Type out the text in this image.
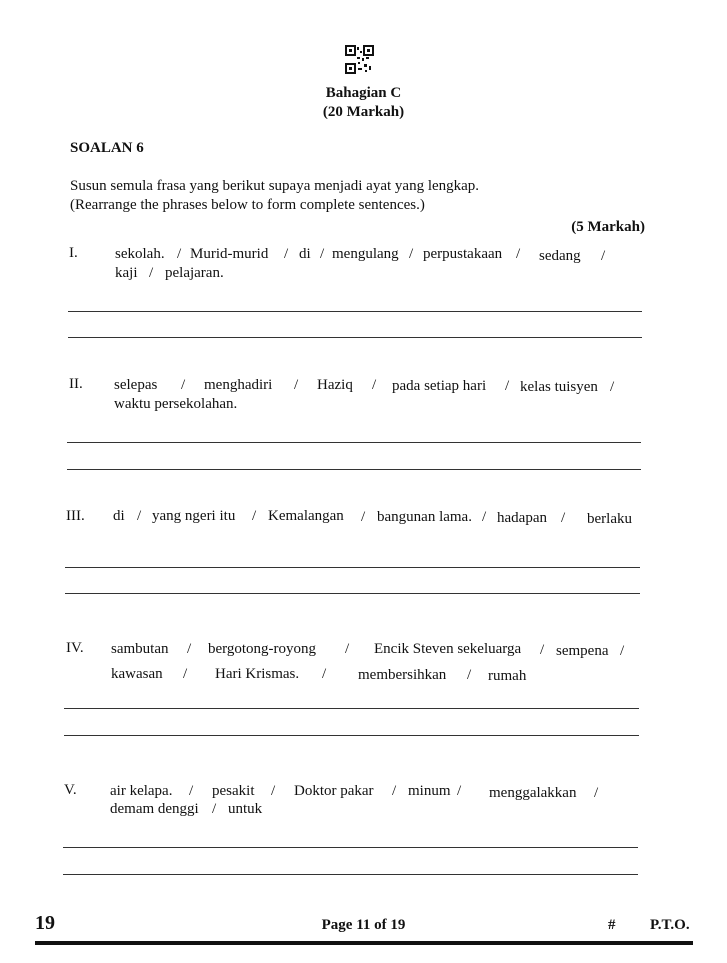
Bahagian C
(20 Markah)
SOALAN 6
Susun semula frasa yang berikut supaya menjadi ayat yang lengkap.
(Rearrange the phrases below to form complete sentences.)
(5 Markah)
I. sekolah. / Murid-murid / di / mengulang / perpustakaan / sedang /
kaji / pelajaran.
II. selepas / menghadiri / Haziq / pada setiap hari / kelas tuisyen /
waktu persekolahan.
III. di / yang ngeri itu / Kemalangan / bangunan lama. / hadapan / berlaku
IV. sambutan / bergotong-royong / Encik Steven sekeluarga / sempena /
kawasan / Hari Krismas. / membersihkan / rumah
V. air kelapa. / pesakit / Doktor pakar / minum / menggalakkan /
demam denggi / untuk
19	Page 11 of 19	# P.T.O.
